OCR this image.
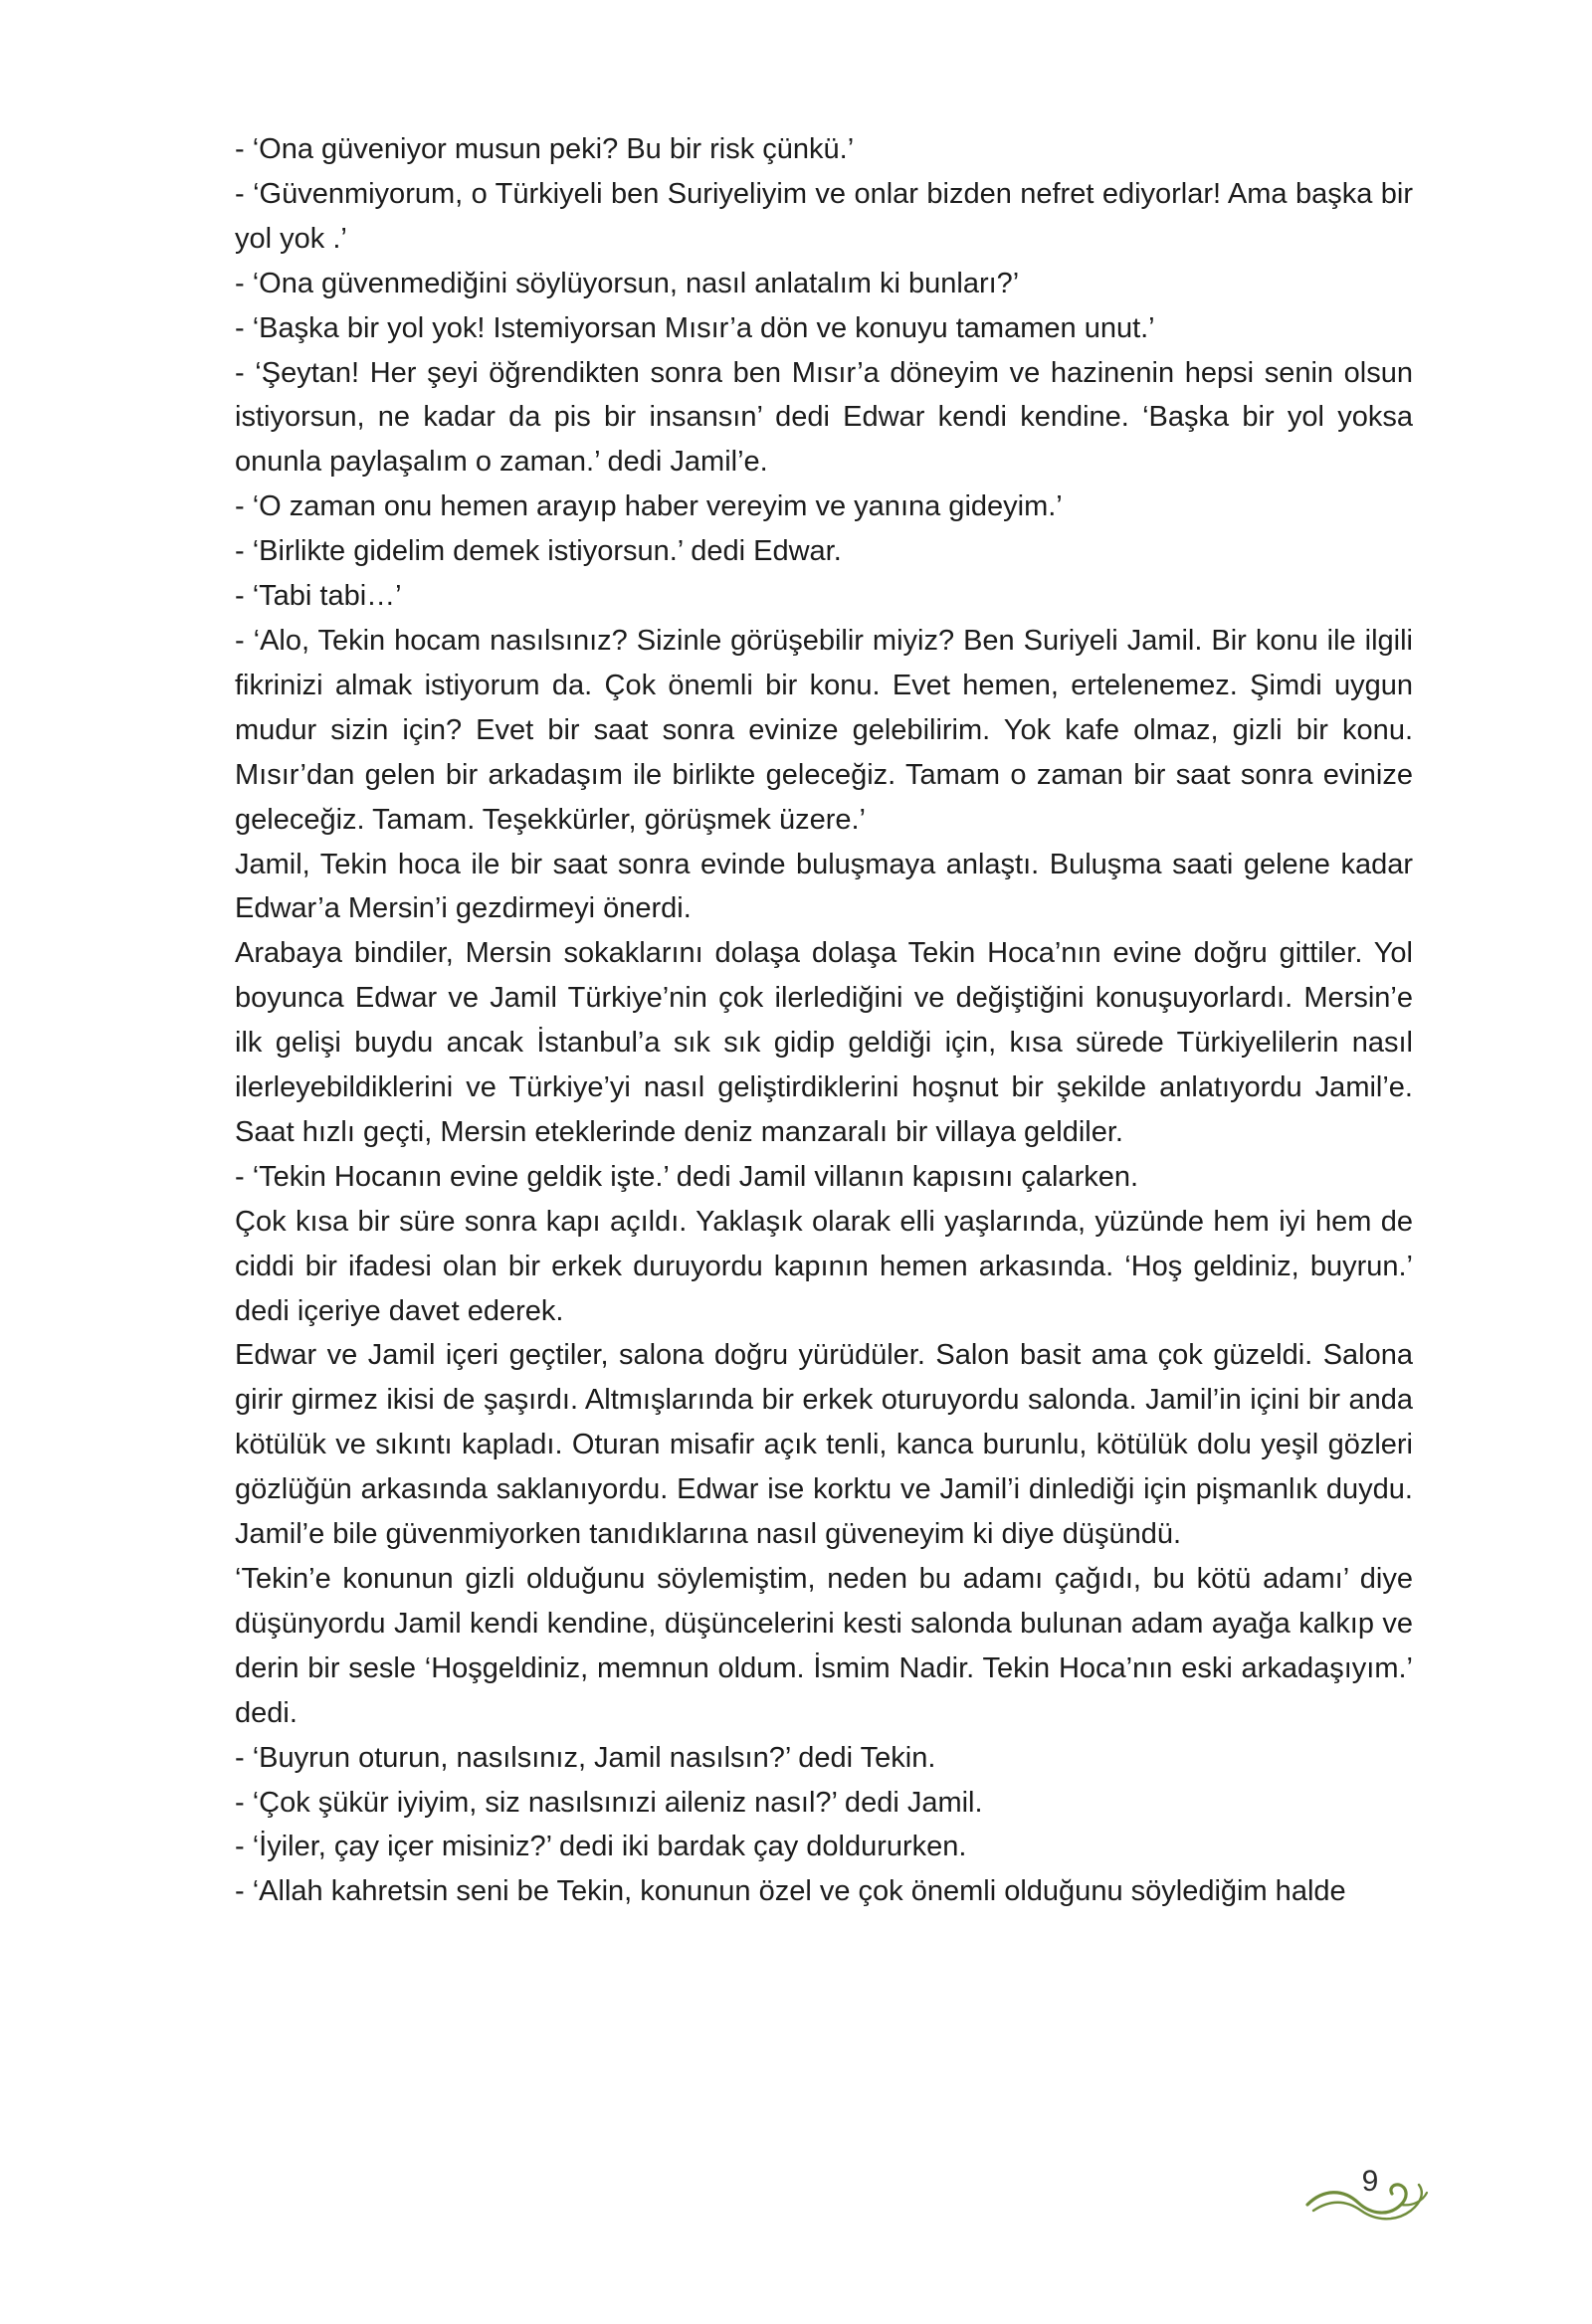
- ‘Ona güveniyor musun peki? Bu bir risk çünkü.’

- ‘Güvenmiyorum, o Türkiyeli ben Suriyeliyim ve onlar bizden nefret ediyorlar! Ama başka bir yol yok .’

- ‘Ona güvenmediğini söylüyorsun, nasıl anlatalım ki bunları?’

- ‘Başka bir yol yok! Istemiyorsan Mısır’a dön ve konuyu tamamen unut.’

- ‘Şeytan! Her şeyi öğrendikten sonra ben Mısır’a döneyim ve hazinenin hepsi senin olsun istiyorsun, ne kadar da pis bir insansın’ dedi Edwar kendi kendine. ‘Başka bir yol yoksa onunla paylaşalım o zaman.’ dedi Jamil’e.

- ‘O zaman onu hemen arayıp haber vereyim ve yanına gideyim.’

- ‘Birlikte gidelim demek istiyorsun.’ dedi Edwar.

- ‘Tabi tabi…’

- ‘Alo, Tekin hocam nasılsınız? Sizinle görüşebilir miyiz? Ben Suriyeli Jamil. Bir konu ile ilgili fikrinizi almak istiyorum da. Çok önemli bir konu. Evet hemen, ertelenemez. Şimdi uygun mudur sizin için? Evet bir saat sonra evinize gelebilirim. Yok kafe olmaz, gizli bir konu. Mısır’dan gelen bir arkadaşım ile birlikte geleceğiz. Tamam o zaman bir saat sonra evinize geleceğiz. Tamam. Teşekkürler, görüşmek üzere.’

Jamil, Tekin hoca ile bir saat sonra evinde buluşmaya anlaştı. Buluşma saati gelene kadar Edwar’a Mersin’i gezdirmeyi önerdi.

Arabaya bindiler, Mersin sokaklarını dolaşa dolaşa Tekin Hoca’nın evine doğru gittiler. Yol boyunca Edwar ve Jamil Türkiye’nin çok ilerlediğini ve değiştiğini konuşuyorlardı. Mersin’e ilk gelişi buydu ancak İstanbul’a sık sık gidip geldiği için, kısa sürede Türkiyelilerin nasıl ilerleyebildiklerini ve Türkiye’yi nasıl geliştirdiklerini hoşnut bir şekilde anlatıyordu Jamil’e. Saat hızlı geçti, Mersin eteklerinde deniz manzaralı bir villaya geldiler.

- ‘Tekin Hocanın evine geldik işte.’ dedi Jamil villanın kapısını çalarken.

Çok kısa bir süre sonra kapı açıldı. Yaklaşık olarak elli yaşlarında, yüzünde hem iyi hem de ciddi bir ifadesi olan bir erkek duruyordu kapının hemen arkasında. ‘Hoş geldiniz, buyrun.’ dedi içeriye davet ederek.

Edwar ve Jamil içeri geçtiler, salona doğru yürüdüler. Salon basit ama çok güzeldi. Salona girir girmez ikisi de şaşırdı. Altmışlarında bir erkek oturuyordu salonda. Jamil’in içini bir anda kötülük ve sıkıntı kapladı. Oturan misafir açık tenli, kanca burunlu, kötülük dolu yeşil gözleri gözlüğün arkasında saklanıyordu. Edwar ise korktu ve Jamil’i dinlediği için pişmanlık duydu. Jamil’e bile güvenmiyorken tanıdıklarına nasıl güveneyim ki diye düşündü.

‘Tekin’e konunun gizli olduğunu söylemiştim, neden bu adamı çağıdı, bu kötü adamı’ diye düşünyordu Jamil kendi kendine, düşüncelerini kesti salonda bulunan adam ayağa kalkıp ve derin bir sesle ‘Hoşgeldiniz, memnun oldum. İsmim Nadir. Tekin Hoca’nın eski arkadaşıyım.’ dedi.

- ‘Buyrun oturun, nasılsınız, Jamil nasılsın?’ dedi Tekin.

- ‘Çok şükür iyiyim, siz nasılsınızi aileniz nasıl?’ dedi Jamil.

- ‘İyiler, çay içer misiniz?’ dedi iki bardak çay doldururken.

- ‘Allah kahretsin seni be Tekin, konunun özel ve çok önemli olduğunu söylediğim halde

9
